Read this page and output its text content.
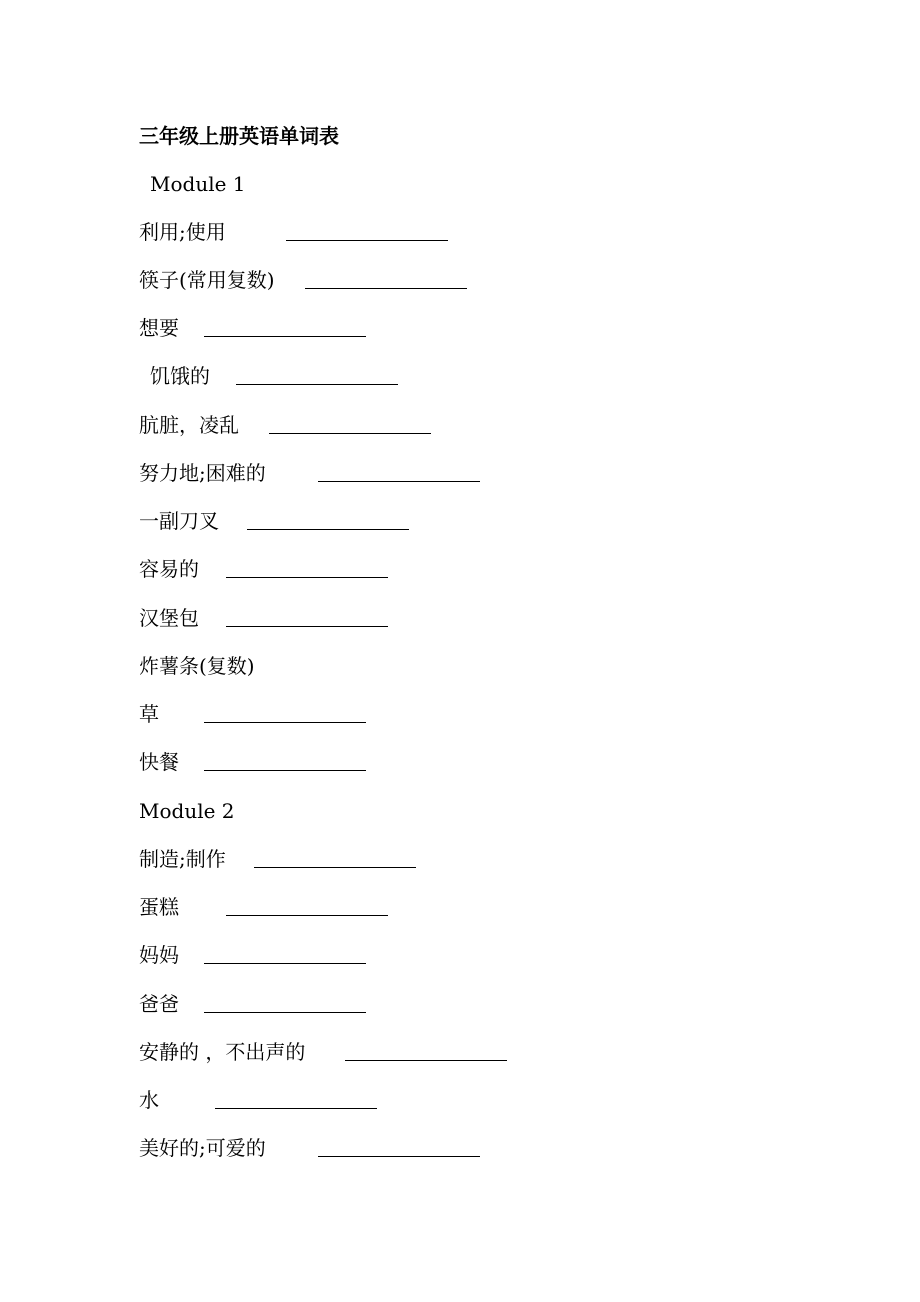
三年级上册英语单词表
Module 1
利用;使用
筷子(常用复数)
想要
饥饿的
肮脏，凌乱
努力地;困难的
一副刀叉
容易的
汉堡包
炸薯条(复数)
草
快餐
Module 2
制造;制作
蛋糕
妈妈
爸爸
安静的 ，不出声的
水
美好的;可爱的
